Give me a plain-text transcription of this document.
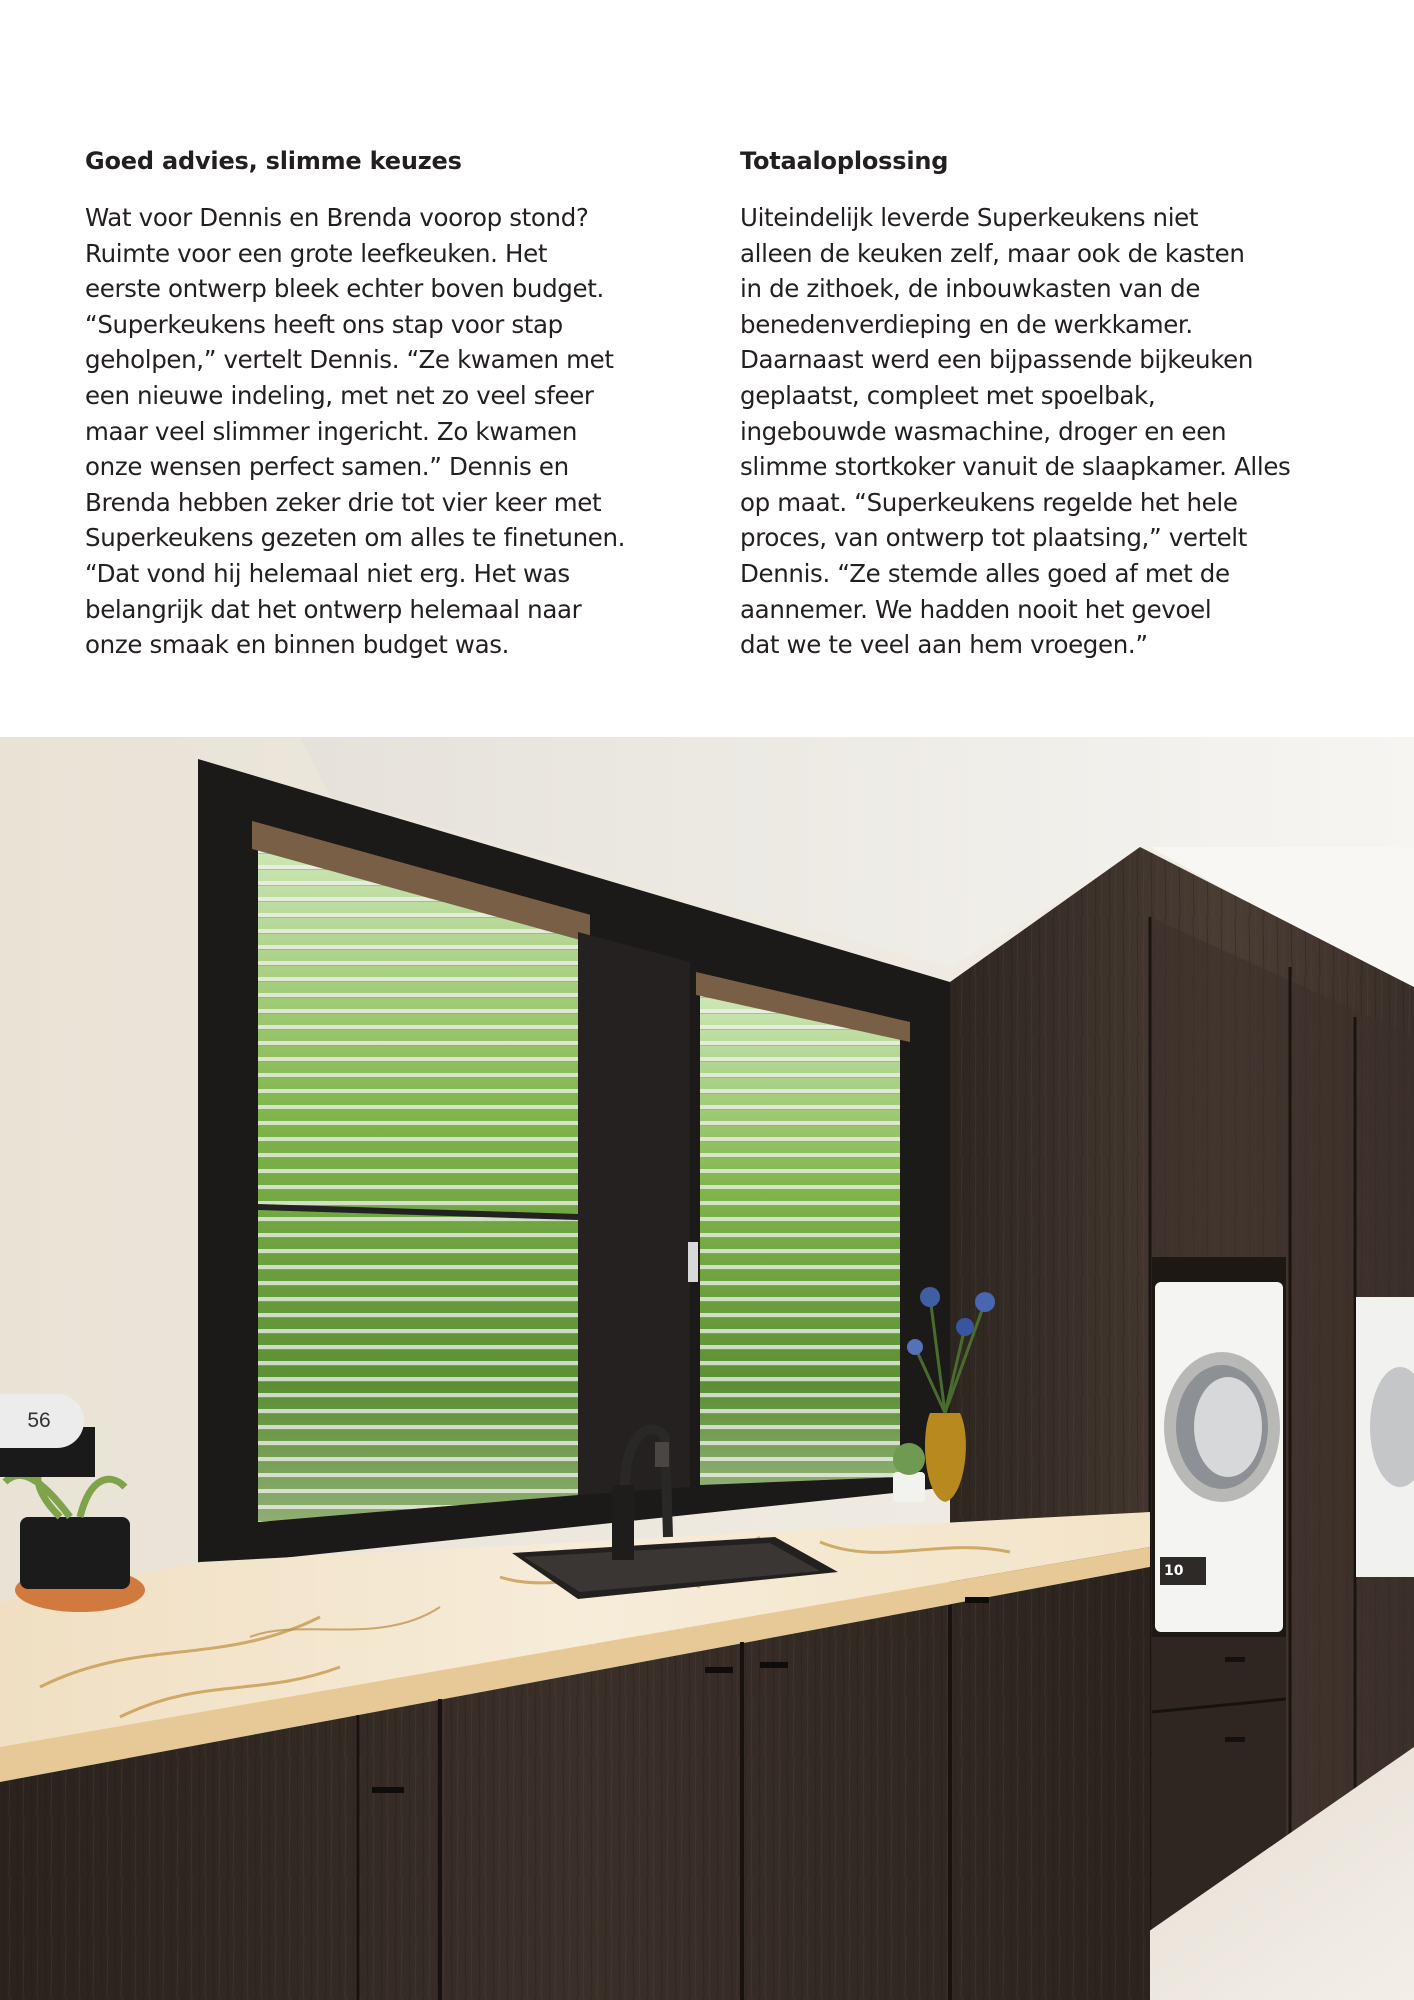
Goed advies, slimme keuzes

Wat voor Dennis en Brenda voorop stond?
Ruimte voor een grote leefkeuken. Het
eerste ontwerp bleek echter boven budget.
“Superkeukens heeft ons stap voor stap
geholpen,” vertelt Dennis. “Ze kwamen met
een nieuwe indeling, met net zo veel sfeer
maar veel slimmer ingericht. Zo kwamen
onze wensen perfect samen.” Dennis en
Brenda hebben zeker drie tot vier keer met
Superkeukens gezeten om alles te finetunen.
“Dat vond hij helemaal niet erg. Het was
belangrijk dat het ontwerp helemaal naar
onze smaak en binnen budget was.

Totaaloplossing

Uiteindelijk leverde Superkeukens niet
alleen de keuken zelf, maar ook de kasten
in de zithoek, de inbouwkasten van de
benedenverdieping en de werkkamer.
Daarnaast werd een bijpassende bijkeuken
geplaatst, compleet met spoelbak,
ingebouwde wasmachine, droger en een
slimme stortkoker vanuit de slaapkamer. Alles
op maat. “Superkeukens regelde het hele
proces, van ontwerp tot plaatsing,” vertelt
Dennis. “Ze stemde alles goed af met de
aannemer. We hadden nooit het gevoel
dat we te veel aan hem vroegen.”

10
56
